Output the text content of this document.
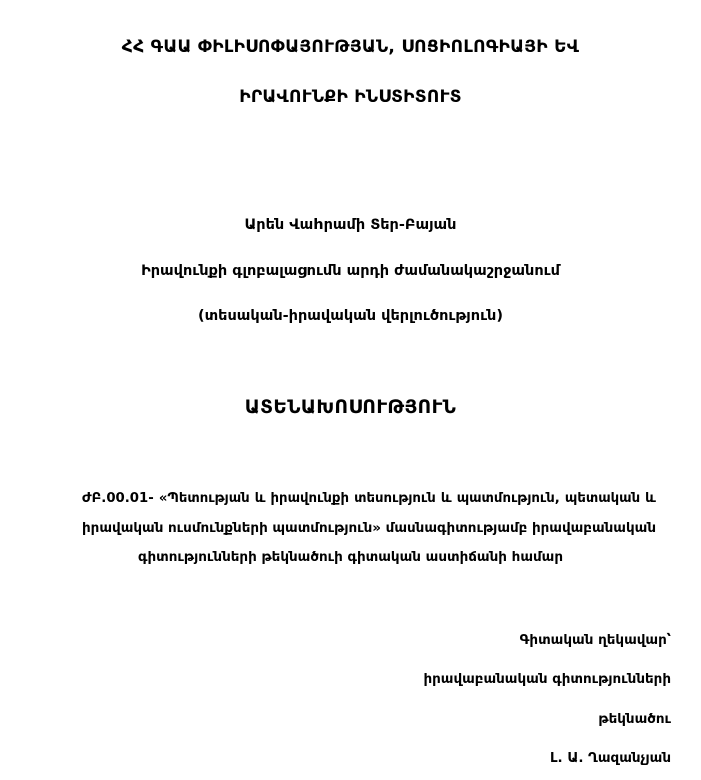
ՀՀ ԳԱԱ ՓԻԼԻՍՈՓԱՅՈՒԹՅԱՆ, ՍՈՑԻՈԼՈԳԻԱՅԻ ԵՎ
ԻՐԱՎՈՒՆՔԻ ԻՆՍՏԻՏՈՒՏ
Արեն Վաhրամի Տեր-Բայան
Իրավունքի գլոբալացումն արդի ժամանակաշրջանում
(տեսական-իրավական վերլուծություն)
ԱՏԵՆԱԽՈՍՈՒԹՅՈՒՆ
ԺԲ.00.01- «Պետության և իրավունքի տեսություն և պատմություն, պետական և
իրավական ուսմունքների պատմություն» մասնագիտությամբ իրավաբանական
գիտությունների թեկնածուի գիտական աստիճանի համար
Գիտական ղեկավար՝
իրավաբանական գիտությունների
թեկնածու
Լ. Ա. Ղազանչյան
